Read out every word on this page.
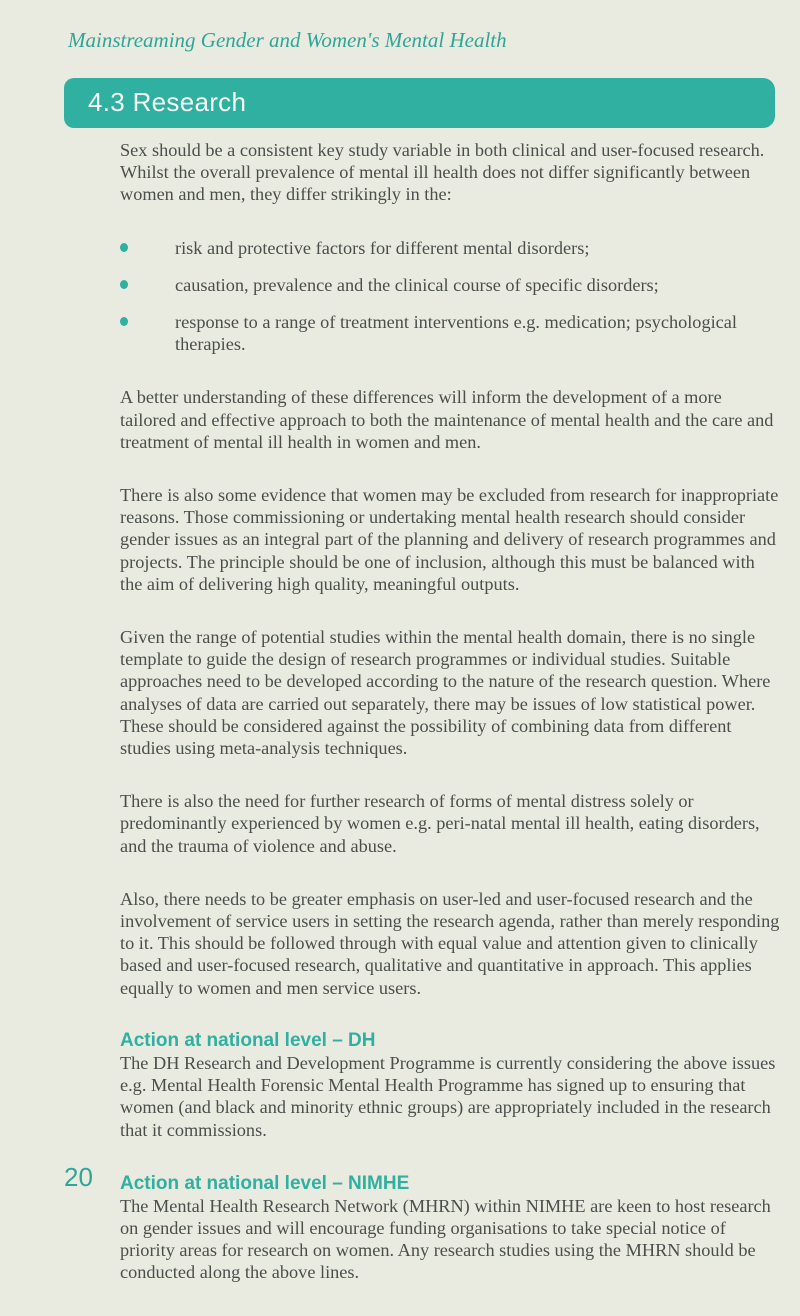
Mainstreaming Gender and Women's Mental Health
4.3 Research

Sex should be a consistent key study variable in both clinical and user-focused research. Whilst the overall prevalence of mental ill health does not differ significantly between women and men, they differ strikingly in the:

risk and protective factors for different mental disorders;
causation, prevalence and the clinical course of specific disorders;
response to a range of treatment interventions e.g. medication; psychological therapies.

A better understanding of these differences will inform the development of a more tailored and effective approach to both the maintenance of mental health and the care and treatment of mental ill health in women and men.

There is also some evidence that women may be excluded from research for inappropriate reasons. Those commissioning or undertaking mental health research should consider gender issues as an integral part of the planning and delivery of research programmes and projects. The principle should be one of inclusion, although this must be balanced with the aim of delivering high quality, meaningful outputs.

Given the range of potential studies within the mental health domain, there is no single template to guide the design of research programmes or individual studies. Suitable approaches need to be developed according to the nature of the research question. Where analyses of data are carried out separately, there may be issues of low statistical power. These should be considered against the possibility of combining data from different studies using meta-analysis techniques.

There is also the need for further research of forms of mental distress solely or predominantly experienced by women e.g. peri-natal mental ill health, eating disorders, and the trauma of violence and abuse.

Also, there needs to be greater emphasis on user-led and user-focused research and the involvement of service users in setting the research agenda, rather than merely responding to it. This should be followed through with equal value and attention given to clinically based and user-focused research, qualitative and quantitative in approach. This applies equally to women and men service users.

Action at national level – DH

The DH Research and Development Programme is currently considering the above issues e.g. Mental Health Forensic Mental Health Programme has signed up to ensuring that women (and black and minority ethnic groups) are appropriately included in the research that it commissions.

Action at national level – NIMHE

The Mental Health Research Network (MHRN) within NIMHE are keen to host research on gender issues and will encourage funding organisations to take special notice of priority areas for research on women. Any research studies using the MHRN should be conducted along the above lines.

20
